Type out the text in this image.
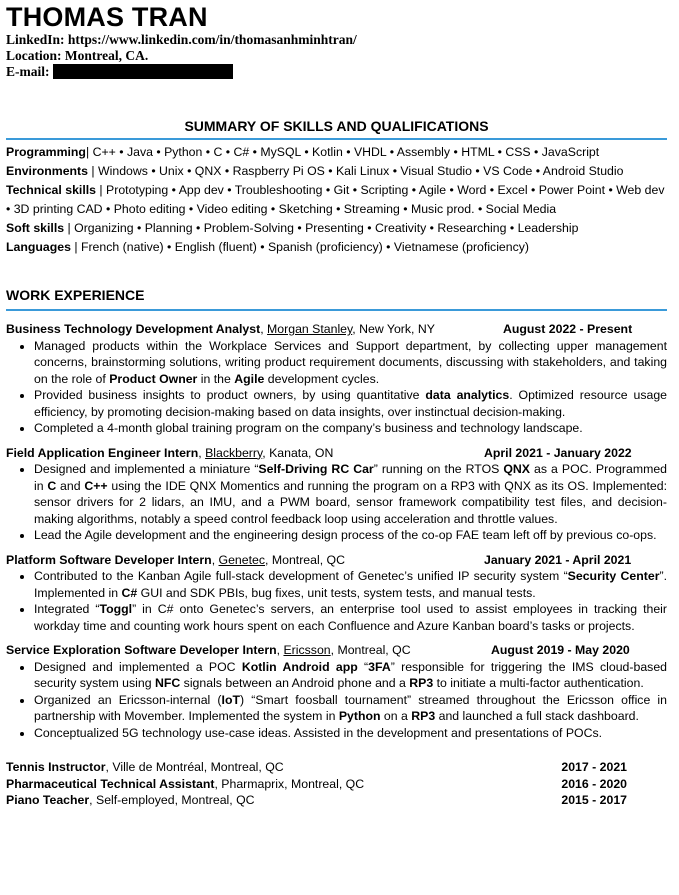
THOMAS TRAN
LinkedIn: https://www.linkedin.com/in/thomasanhminhtran/
Location: Montreal, CA.
E-mail:
SUMMARY OF SKILLS AND QUALIFICATIONS
Programming| C++ • Java • Python • C • C# • MySQL • Kotlin • VHDL • Assembly • HTML • CSS • JavaScript
Environments | Windows • Unix • QNX • Raspberry Pi OS • Kali Linux • Visual Studio • VS Code • Android Studio
Technical skills | Prototyping • App dev • Troubleshooting • Git • Scripting • Agile • Word • Excel • Power Point • Web dev • 3D printing CAD • Photo editing • Video editing • Sketching • Streaming • Music prod. • Social Media
Soft skills | Organizing • Planning • Problem-Solving • Presenting • Creativity • Researching • Leadership
Languages | French (native) • English (fluent) • Spanish (proficiency) • Vietnamese (proficiency)
WORK EXPERIENCE
Business Technology Development Analyst, Morgan Stanley, New York, NY	August 2022 - Present
• Managed products within the Workplace Services and Support department, by collecting upper management concerns, brainstorming solutions, writing product requirement documents, discussing with stakeholders, and taking on the role of Product Owner in the Agile development cycles.
• Provided business insights to product owners, by using quantitative data analytics. Optimized resource usage efficiency, by promoting decision-making based on data insights, over instinctual decision-making.
• Completed a 4-month global training program on the company’s business and technology landscape.
Field Application Engineer Intern, Blackberry, Kanata, ON	April 2021 - January 2022
• Designed and implemented a miniature “Self-Driving RC Car” running on the RTOS QNX as a POC. Programmed in C and C++ using the IDE QNX Momentics and running the program on a RP3 with QNX as its OS. Implemented: sensor drivers for 2 lidars, an IMU, and a PWM board, sensor framework compatibility test files, and decision-making algorithms, notably a speed control feedback loop using acceleration and throttle values.
• Lead the Agile development and the engineering design process of the co-op FAE team left off by previous co-ops.
Platform Software Developer Intern, Genetec, Montreal, QC	January 2021 - April 2021
• Contributed to the Kanban Agile full-stack development of Genetec’s unified IP security system “Security Center”. Implemented in C# GUI and SDK PBIs, bug fixes, unit tests, system tests, and manual tests.
• Integrated “Toggl” in C# onto Genetec’s servers, an enterprise tool used to assist employees in tracking their workday time and counting work hours spent on each Confluence and Azure Kanban board’s tasks or projects.
Service Exploration Software Developer Intern, Ericsson, Montreal, QC	August 2019 - May 2020
• Designed and implemented a POC Kotlin Android app “3FA” responsible for triggering the IMS cloud-based security system using NFC signals between an Android phone and a RP3 to initiate a multi-factor authentication.
• Organized an Ericsson-internal (IoT) “Smart foosball tournament” streamed throughout the Ericsson office in partnership with Movember. Implemented the system in Python on a RP3 and launched a full stack dashboard.
• Conceptualized 5G technology use-case ideas. Assisted in the development and presentations of POCs.
Tennis Instructor, Ville de Montréal, Montreal, QC	2017 - 2021
Pharmaceutical Technical Assistant, Pharmaprix, Montreal, QC	2016 - 2020
Piano Teacher, Self-employed, Montreal, QC	2015 - 2017
